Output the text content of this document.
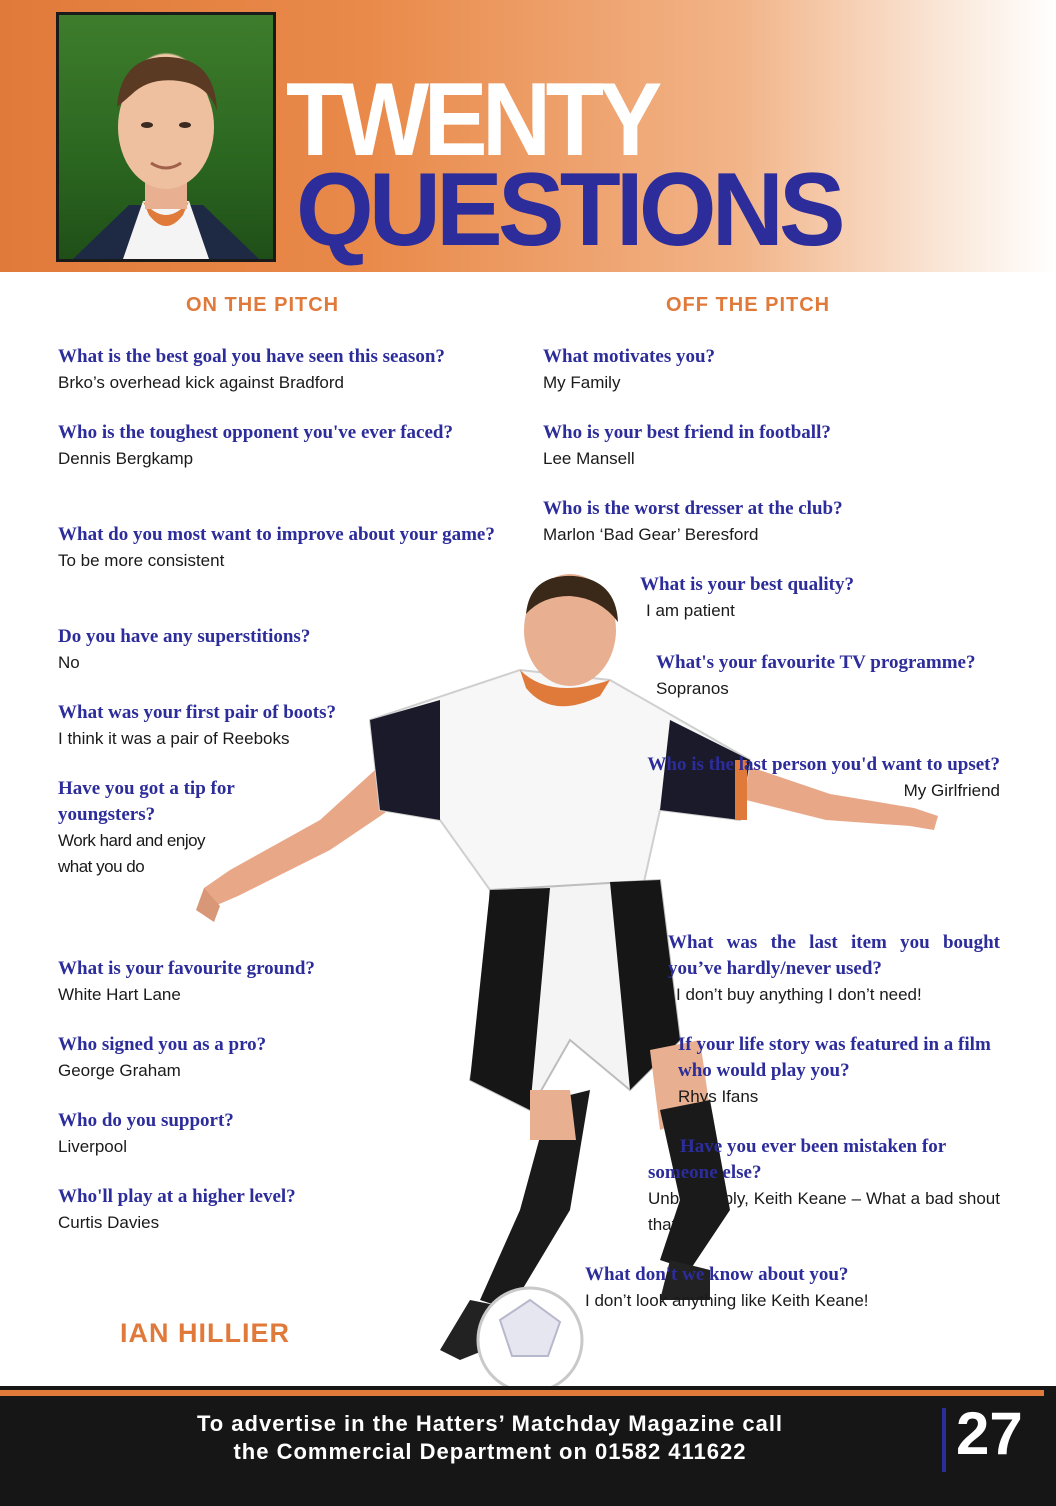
TWENTY
QUESTIONS
ON THE PITCH	OFF THE PITCH
What is the best goal you have seen this season?
Brko’s overhead kick against Bradford
Who is the toughest opponent you've ever faced?
Dennis Bergkamp
What do you most want to improve about your game?
To be more consistent
Do you have any superstitions?
No
What was your first pair of boots?
I think it was a pair of Reeboks
Have you got a tip for youngsters?
Work hard and enjoy what you do
What is your favourite ground?
White Hart Lane
Who signed you as a pro?
George Graham
Who do you support?
Liverpool
Who'll play at a higher level?
Curtis Davies
What motivates you?
My Family
Who is your best friend in football?
Lee Mansell
Who is the worst dresser at the club?
Marlon ‘Bad Gear’ Beresford
What is your best quality?
I am patient
What's your favourite TV programme?
Sopranos
Who is the last person you'd want to upset?
My Girlfriend
What was the last item you bought you’ve hardly/never used?
I don’t buy anything I don’t need!
If your life story was featured in a film who would play you?
Rhys Ifans
Have you ever been mistaken for someone else?
Unbelievably, Keith Keane – What a bad shout that was!
What don't we know about you?
I don’t look anything like Keith Keane!
IAN HILLIER
To advertise in the Hatters’ Matchday Magazine call
the Commercial Department on 01582 411622	27
